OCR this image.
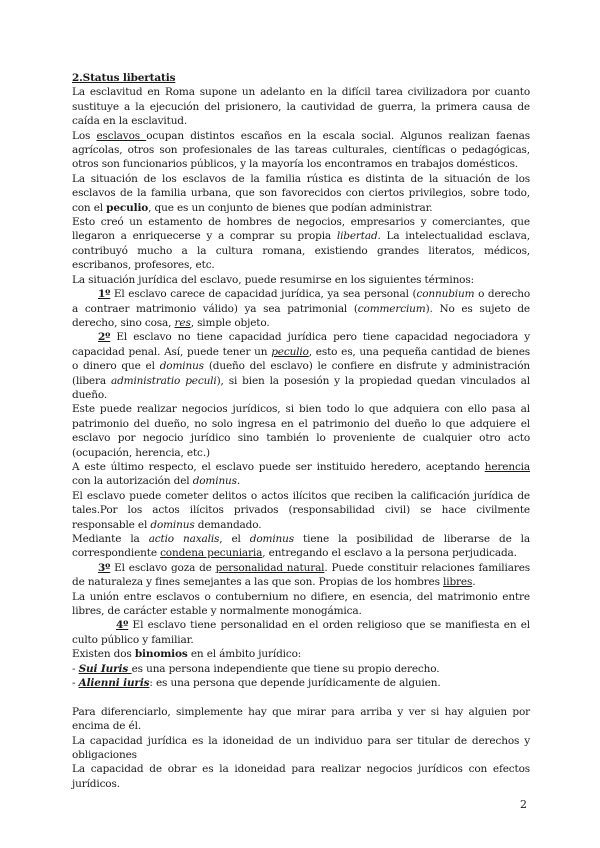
2.Status libertatis

La esclavitud en Roma supone un adelanto en la difícil tarea civilizadora por cuanto sustituye a la ejecución del prisionero, la cautividad de guerra, la primera causa de caída en la esclavitud.

Los esclavos ocupan distintos escaños en la escala social. Algunos realizan faenas agrícolas, otros son profesionales de las tareas culturales, científicas o pedagógicas, otros son funcionarios públicos, y la mayoría los encontramos en trabajos domésticos.

La situación de los esclavos de la familia rústica es distinta de la situación de los esclavos de la familia urbana, que son favorecidos con ciertos privilegios, sobre todo, con el peculio, que es un conjunto de bienes que podían administrar.

Esto creó un estamento de hombres de negocios, empresarios y comerciantes, que llegaron a enriquecerse y a comprar su propia libertad. La intelectualidad esclava, contribuyó mucho a la cultura romana, existiendo grandes literatos, médicos, escribanos, profesores, etc.

La situación jurídica del esclavo, puede resumirse en los siguientes términos:

1º El esclavo carece de capacidad jurídica, ya sea personal (connubium o derecho a contraer matrimonio válido) ya sea patrimonial (commercium). No es sujeto de derecho, sino cosa, res, simple objeto.

2º El esclavo no tiene capacidad jurídica pero tiene capacidad negociadora y capacidad penal. Así, puede tener un peculio, esto es, una pequeña cantidad de bienes o dinero que el dominus (dueño del esclavo) le confiere en disfrute y administración (libera administratio peculi), si bien la posesión y la propiedad quedan vinculados al dueño.

Este puede realizar negocios jurídicos, si bien todo lo que adquiera con ello pasa al patrimonio del dueño, no solo ingresa en el patrimonio del dueño lo que adquiere el esclavo por negocio jurídico sino también lo proveniente de cualquier otro acto (ocupación, herencia, etc.)

A este último respecto, el esclavo puede ser instituido heredero, aceptando herencia con la autorización del dominus.

El esclavo puede cometer delitos o actos ilícitos que reciben la calificación jurídica de tales.Por los actos ilícitos privados (responsabilidad civil) se hace civilmente responsable el dominus demandado.

Mediante la actio naxalis, el dominus tiene la posibilidad de liberarse de la correspondiente condena pecuniaria, entregando el esclavo a la persona perjudicada.

3º El esclavo goza de personalidad natural. Puede constituir relaciones familiares de naturaleza y fines semejantes a las que son. Propias de los hombres libres.

La unión entre esclavos o contubernium no difiere, en esencia, del matrimonio entre libres, de carácter estable y normalmente monogámica.

4º El esclavo tiene personalidad en el orden religioso que se manifiesta en el culto público y familiar.

Existen dos binomios en el ámbito jurídico:

- Sui Iuris es una persona independiente que tiene su propio derecho.

- Alienni iuris: es una persona que depende jurídicamente de alguien.

Para diferenciarlo, simplemente hay que mirar para arriba y ver si hay alguien por encima de él.

La capacidad jurídica es la idoneidad de un individuo para ser titular de derechos y obligaciones

La capacidad de obrar es la idoneidad para realizar negocios jurídicos con efectos jurídicos.

2
